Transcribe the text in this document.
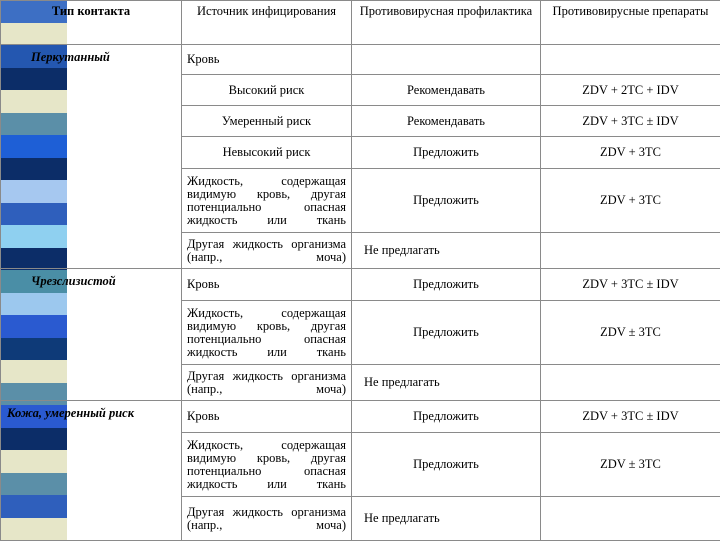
Тип контакта	Источник инфицирования	Противовирусная профилактика	Противовирусные препараты
Перкутанный	Кровь		
	Высокий риск	Рекомендавать	ZDV + 2TC + IDV
	Умеренный риск	Рекомендавать	ZDV + 3TC ± IDV
	Невысокий риск	Предложить	ZDV + 3TC
	Жидкость, содержащая видимую кровь, другая потенциально опасная жидкость или ткань	Предложить	ZDV + 3TC
	Другая жидкость организма (напр., моча)	Не предлагать	
Чрезслизистой	Кровь	Предложить	ZDV + 3TC ± IDV
	Жидкость, содержащая видимую кровь, другая потенциально опасная жидкость или ткань	Предложить	ZDV ± 3TC
	Другая жидкость организма (напр., моча)	Не предлагать	
Кожа, умеренный риск	Кровь	Предложить	ZDV + 3TC ± IDV
	Жидкость, содержащая видимую кровь, другая потенциально опасная жидкость или ткань	Предложить	ZDV ± 3TC
	Другая жидкость организма (напр., моча)	Не предлагать	
